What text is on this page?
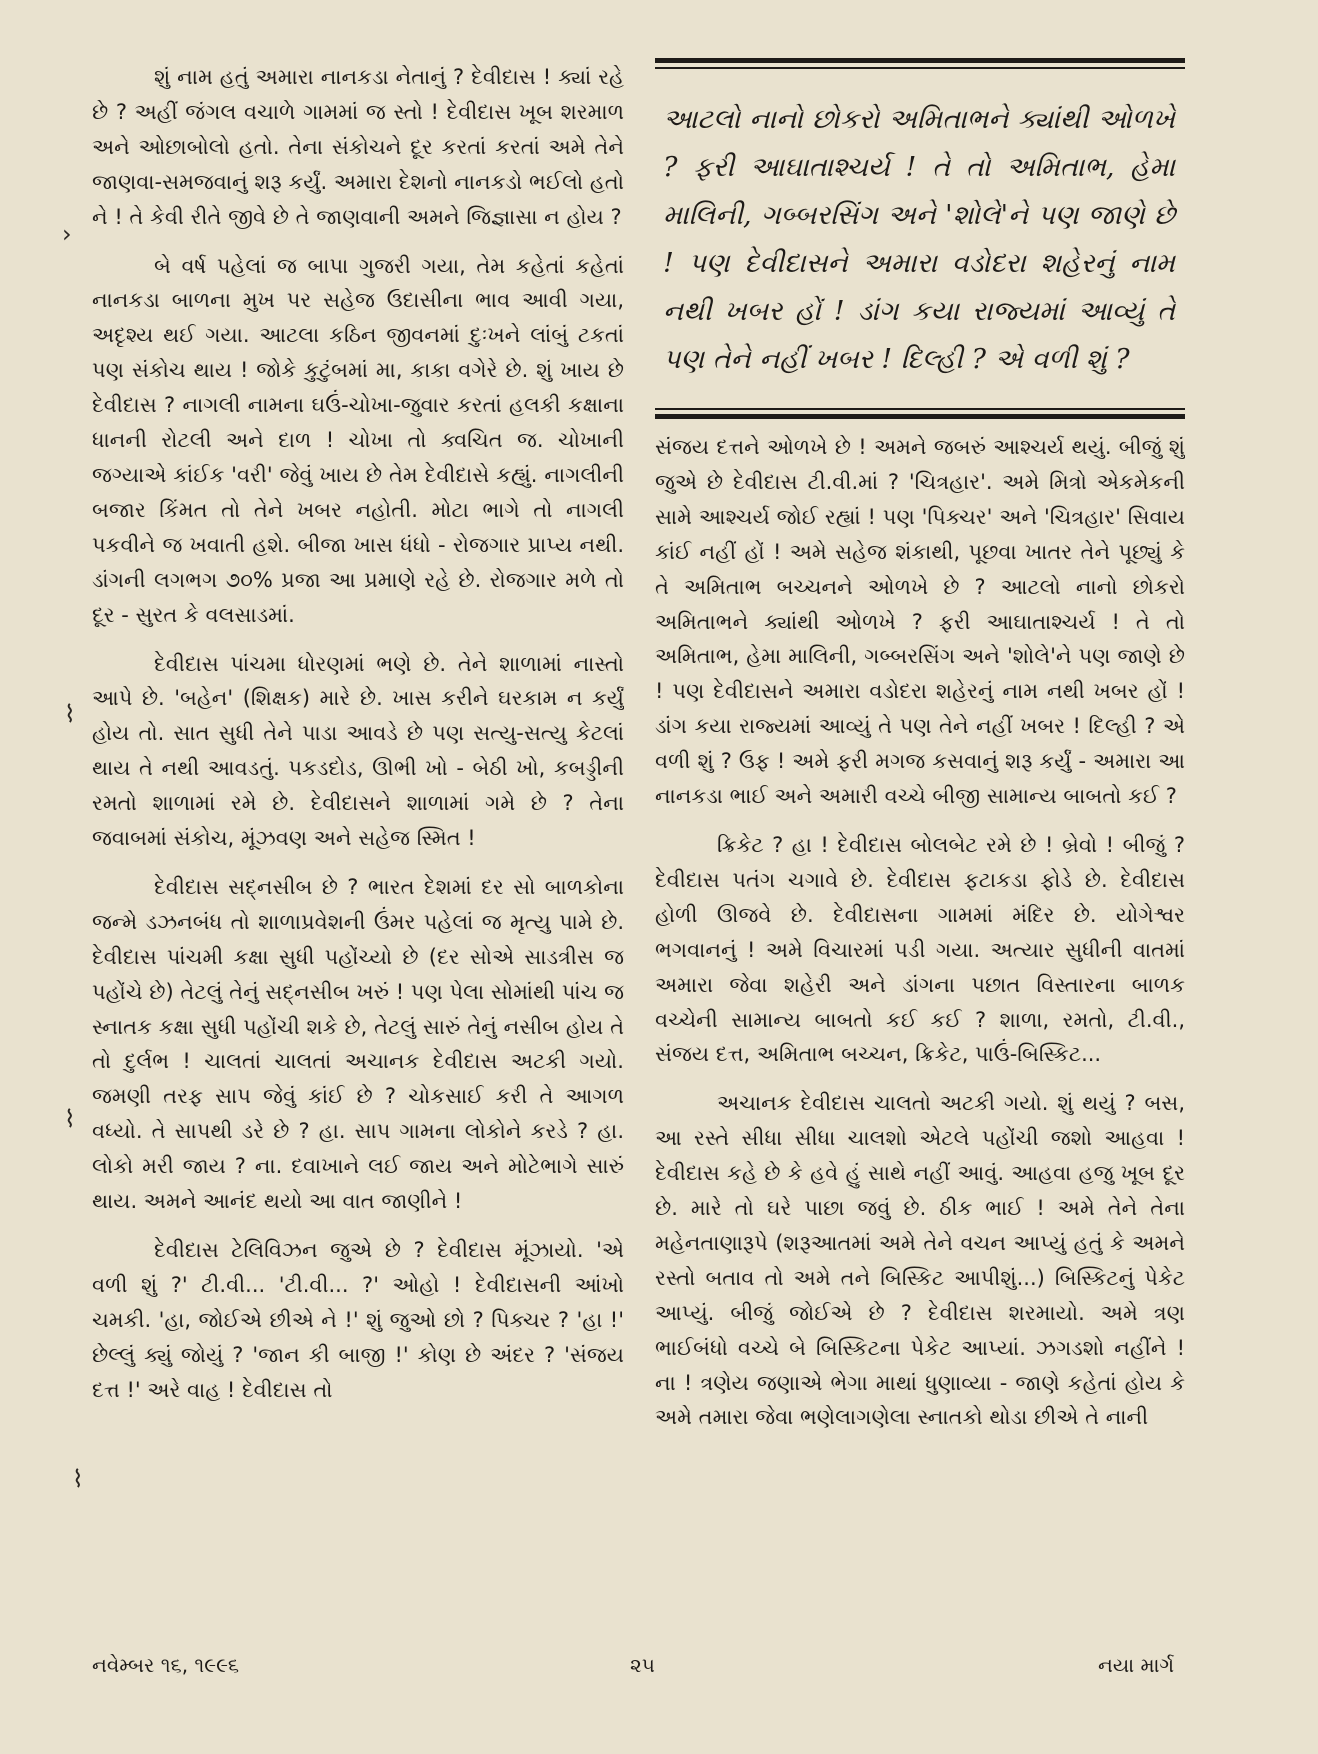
શું નામ હતું અમારા નાનકડા નેતાનું ? દેવીદાસ ! ક્યાં રહે છે ? અહીં જંગલ વચાળે ગામમાં જ સ્તો ! દેવીદાસ ખૂબ શરમાળ અને ઓછાબોલો હતો. તેના સંકોચને દૂર કરતાં કરતાં અમે તેને જાણવા-સમજવાનું શરૂ કર્યું. અમારા દેશનો નાનકડો ભઈલો હતો ને ! તે કેવી રીતે જીવે છે તે જાણવાની અમને જિજ્ઞાસા ન હોય ?

બે વર્ષ પહેલાં જ બાપા ગુજરી ગયા, તેમ કહેતાં કહેતાં નાનકડા બાળના મુખ પર સહેજ ઉદાસીના ભાવ આવી ગયા, અદૃશ્ય થઈ ગયા. આટલા કઠિન જીવનમાં દુઃખને લાંબું ટકતાં પણ સંકોચ થાય ! જોકે કુટુંબમાં મા, કાકા વગેરે છે. શું ખાય છે દેવીદાસ ? નાગલી નામના ઘઉં-ચોખા-જુવાર કરતાં હલકી કક્ષાના ધાનની રોટલી અને દાળ ! ચોખા તો ક્વચિત જ. ચોખાની જગ્યાએ કાંઈક 'વરી' જેવું ખાય છે તેમ દેવીદાસે કહ્યું. નાગલીની બજાર કિંમત તો તેને ખબર નહોતી. મોટા ભાગે તો નાગલી પકવીને જ ખવાતી હશે. બીજા ખાસ ધંધો - રોજગાર પ્રાપ્ય નથી. ડાંગની લગભગ ૭૦% પ્રજા આ પ્રમાણે રહે છે. રોજગાર મળે તો દૂર - સુરત કે વલસાડમાં.

દેવીદાસ પાંચમા ધોરણમાં ભણે છે. તેને શાળામાં નાસ્તો આપે છે. 'બહેન' (શિક્ષક) મારે છે. ખાસ કરીને ઘરકામ ન કર્યું હોય તો. સાત સુધી તેને પાડા આવડે છે પણ સત્યુ-સત્યુ કેટલાં થાય તે નથી આવડતું. પકડદોડ, ઊભી ખો - બેઠી ખો, કબડ્ડીની રમતો શાળામાં રમે છે. દેવીદાસને શાળામાં ગમે છે ? તેના જવાબમાં સંકોચ, મૂંઝવણ અને સહેજ સ્મિત !

દેવીદાસ સદ્નસીબ છે ? ભારત દેશમાં દર સો બાળકોના જન્મે ડઝનબંધ તો શાળાપ્રવેશની ઉંમર પહેલાં જ મૃત્યુ પામે છે. દેવીદાસ પાંચમી કક્ષા સુધી પહોંચ્યો છે (દર સોએ સાડત્રીસ જ પહોંચે છે) તેટલું તેનું સદ્નસીબ ખરું ! પણ પેલા સોમાંથી પાંચ જ સ્નાતક કક્ષા સુધી પહોંચી શકે છે, તેટલું સારું તેનું નસીબ હોય તે તો દુર્લભ ! ચાલતાં ચાલતાં અચાનક દેવીદાસ અટકી ગયો. જમણી તરફ સાપ જેવું કાંઈ છે ? ચોકસાઈ કરી તે આગળ વધ્યો. તે સાપથી ડરે છે ? હા. સાપ ગામના લોકોને કરડે ? હા. લોકો મરી જાય ? ના. દવાખાને લઈ જાય અને મોટેભાગે સારું થાય. અમને આનંદ થયો આ વાત જાણીને !

દેવીદાસ ટેલિવિઝન જુએ છે ? દેવીદાસ મૂંઝાયો. 'એ વળી શું ?' ટી.વી... 'ટી.વી... ?' ઓહો ! દેવીદાસની આંખો ચમકી. 'હા, જોઈએ છીએ ને !' શું જુઓ છો ? પિક્ચર ? 'હા !' છેલ્લું ક્યું જોયું ? 'જાન કી બાજી !' કોણ છે અંદર ? 'સંજય દત્ત !' અરે વાહ ! દેવીદાસ તો

આટલો નાનો છોકરો અમિતાભને ક્યાંથી ઓળખે ? ફરી આઘાતાશ્ચર્ય ! તે તો અમિતાભ, હેમા માલિની, ગબ્બરસિંગ અને 'શોલે'ને પણ જાણે છે ! પણ દેવીદાસને અમારા વડોદરા શહેરનું નામ નથી ખબર હોં ! ડાંગ કયા રાજ્યમાં આવ્યું તે પણ તેને નહીં ખબર ! દિલ્હી ? એ વળી શું ?

સંજય દત્તને ઓળખે છે ! અમને જબરું આશ્ચર્ય થયું. બીજું શું જુએ છે દેવીદાસ ટી.વી.માં ? 'ચિત્રહાર'. અમે મિત્રો એકમેકની સામે આશ્ચર્ય જોઈ રહ્યાં ! પણ 'પિક્ચર' અને 'ચિત્રહાર' સિવાય કાંઈ નહીં હોં ! અમે સહેજ શંકાથી, પૂછવા ખાતર તેને પૂછ્યું કે તે અમિતાભ બચ્ચનને ઓળખે છે ? આટલો નાનો છોકરો અમિતાભને ક્યાંથી ઓળખે ? ફરી આઘાતાશ્ચર્ય ! તે તો અમિતાભ, હેમા માલિની, ગબ્બરસિંગ અને 'શોલે'ને પણ જાણે છે ! પણ દેવીદાસને અમારા વડોદરા શહેરનું નામ નથી ખબર હોં ! ડાંગ કયા રાજ્યમાં આવ્યું તે પણ તેને નહીં ખબર ! દિલ્હી ? એ વળી શું ? ઉફ ! અમે ફરી મગજ કસવાનું શરૂ કર્યું - અમારા આ નાનકડા ભાઈ અને અમારી વચ્ચે બીજી સામાન્ય બાબતો કઈ ?

ક્રિકેટ ? હા ! દેવીદાસ બોલબેટ રમે છે ! બ્રેવો ! બીજું ? દેવીદાસ પતંગ ચગાવે છે. દેવીદાસ ફટાકડા ફોડે છે. દેવીદાસ હોળી ઊજવે છે. દેવીદાસના ગામમાં મંદિર છે. યોગેશ્વર ભગવાનનું ! અમે વિચારમાં પડી ગયા. અત્યાર સુધીની વાતમાં અમારા જેવા શહેરી અને ડાંગના પછાત વિસ્તારના બાળક વચ્ચેની સામાન્ય બાબતો કઈ કઈ ? શાળા, રમતો, ટી.વી., સંજય દત્ત, અમિતાભ બચ્ચન, ક્રિકેટ, પાઉં-બિસ્કિટ...

અચાનક દેવીદાસ ચાલતો અટકી ગયો. શું થયું ? બસ, આ રસ્તે સીધા સીધા ચાલશો એટલે પહોંચી જશો આહવા ! દેવીદાસ કહે છે કે હવે હું સાથે નહીં આવું. આહવા હજુ ખૂબ દૂર છે. મારે તો ઘરે પાછા જવું છે. ઠીક ભાઈ ! અમે તેને તેના મહેનતાણારૂપે (શરૂઆતમાં અમે તેને વચન આપ્યું હતું કે અમને રસ્તો બતાવ તો અમે તને બિસ્કિટ આપીશું...) બિસ્કિટનું પેકેટ આપ્યું. બીજું જોઈએ છે ? દેવીદાસ શરમાયો. અમે ત્રણ ભાઈબંધો વચ્ચે બે બિસ્કિટના પેકેટ આપ્યાં. ઝગડશો નહીંને ! ના ! ત્રણેય જણાએ ભેગા માથાં ધુણાવ્યા - જાણે કહેતાં હોય કે અમે તમારા જેવા ભણેલાગણેલા સ્નાતકો થોડા છીએ તે નાની

›
⌇
⌇
⌇
નવેમ્બર ૧૬, ૧૯૯૬	૨૫	નયા માર્ગ
